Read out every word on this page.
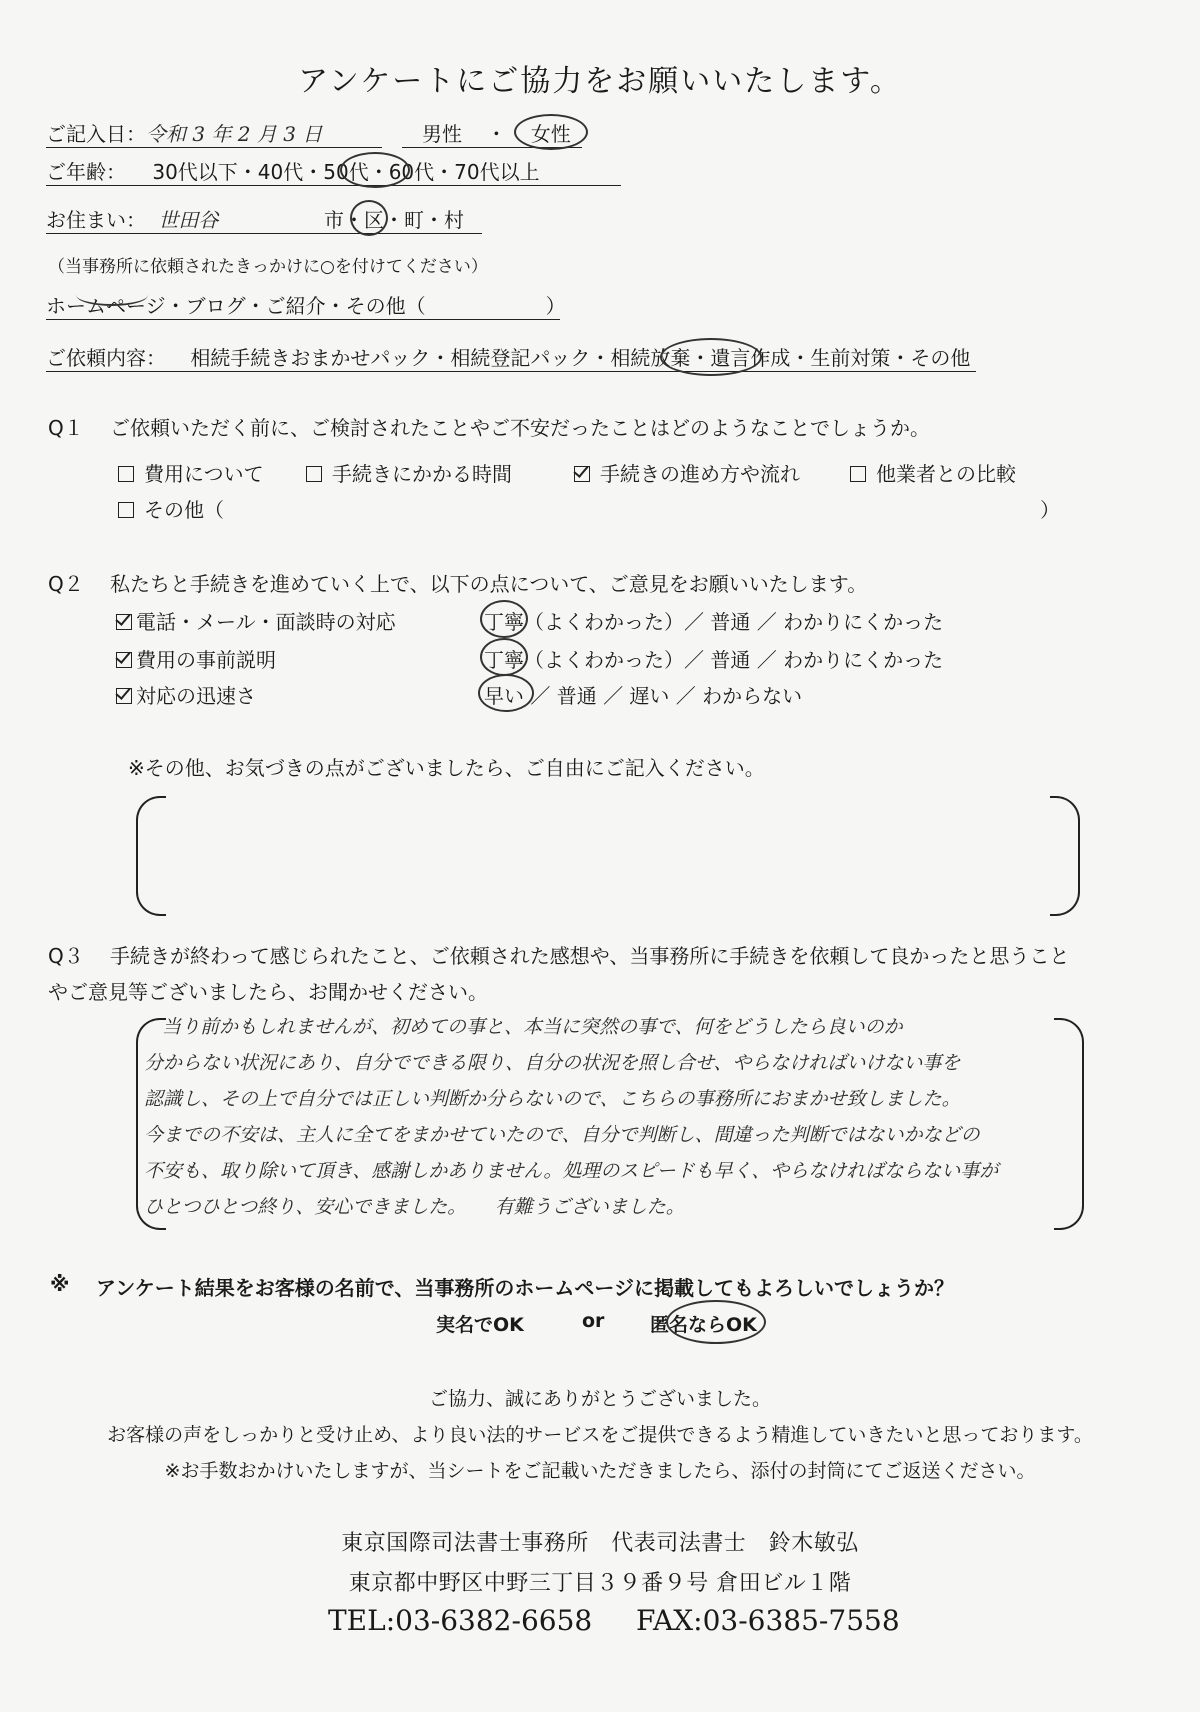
アンケートにご協力をお願いいたします。
ご記入日：令和 3 年 2 月 3 日	男性 ・ 女性
ご年齢： 30代以下・40代・50代・60代・70代以上
お住まい： 世田谷	市・区・町・村
（当事務所に依頼されたきっかけに○を付けてください）
ホームページ・ブログ・ご紹介・その他（　　　　　　）
ご依頼内容： 相続手続きおまかせパック・相続登記パック・相続放棄・遺言作成・生前対策・その他
Q１ ご依頼いただく前に、ご検討されたことやご不安だったことはどのようなことでしょうか。
費用について	手続きにかかる時間	手続きの進め方や流れ	他業者との比較
その他（	）
Q２ 私たちと手続きを進めていく上で、以下の点について、ご意見をお願いいたします。
電話・メール・面談時の対応	丁寧（よくわかった）／ 普通 ／ わかりにくかった
費用の事前説明	丁寧（よくわかった）／ 普通 ／ わかりにくかった
対応の迅速さ	早い ／ 普通 ／ 遅い ／ わからない
※その他、お気づきの点がございましたら、ご自由にご記入ください。
Q３ 手続きが終わって感じられたこと、ご依頼された感想や、当事務所に手続きを依頼して良かったと思うこと
やご意見等ございましたら、お聞かせください。
当り前かもしれませんが、初めての事と、本当に突然の事で、何をどうしたら良いのか
分からない状況にあり、自分でできる限り、自分の状況を照し合せ、やらなければいけない事を
認識し、その上で自分では正しい判断か分らないので、こちらの事務所におまかせ致しました。
今までの不安は、主人に全てをまかせていたので、自分で判断し、間違った判断ではないかなどの
不安も、取り除いて頂き、感謝しかありません。処理のスピードも早く、やらなければならない事が
ひとつひとつ終り、安心できました。　　有難うございました。
※ アンケート結果をお客様の名前で、当事務所のホームページに掲載してもよろしいでしょうか？
実名でOK	or 匿名ならOK
ご協力、誠にありがとうございました。
お客様の声をしっかりと受け止め、より良い法的サービスをご提供できるよう精進していきたいと思っております。
※お手数おかけいたしますが、当シートをご記載いただきましたら、添付の封筒にてご返送ください。
東京国際司法書士事務所　代表司法書士　鈴木敏弘
東京都中野区中野三丁目３９番９号 倉田ビル１階
TEL:03-6382-6658 FAX:03-6385-7558
